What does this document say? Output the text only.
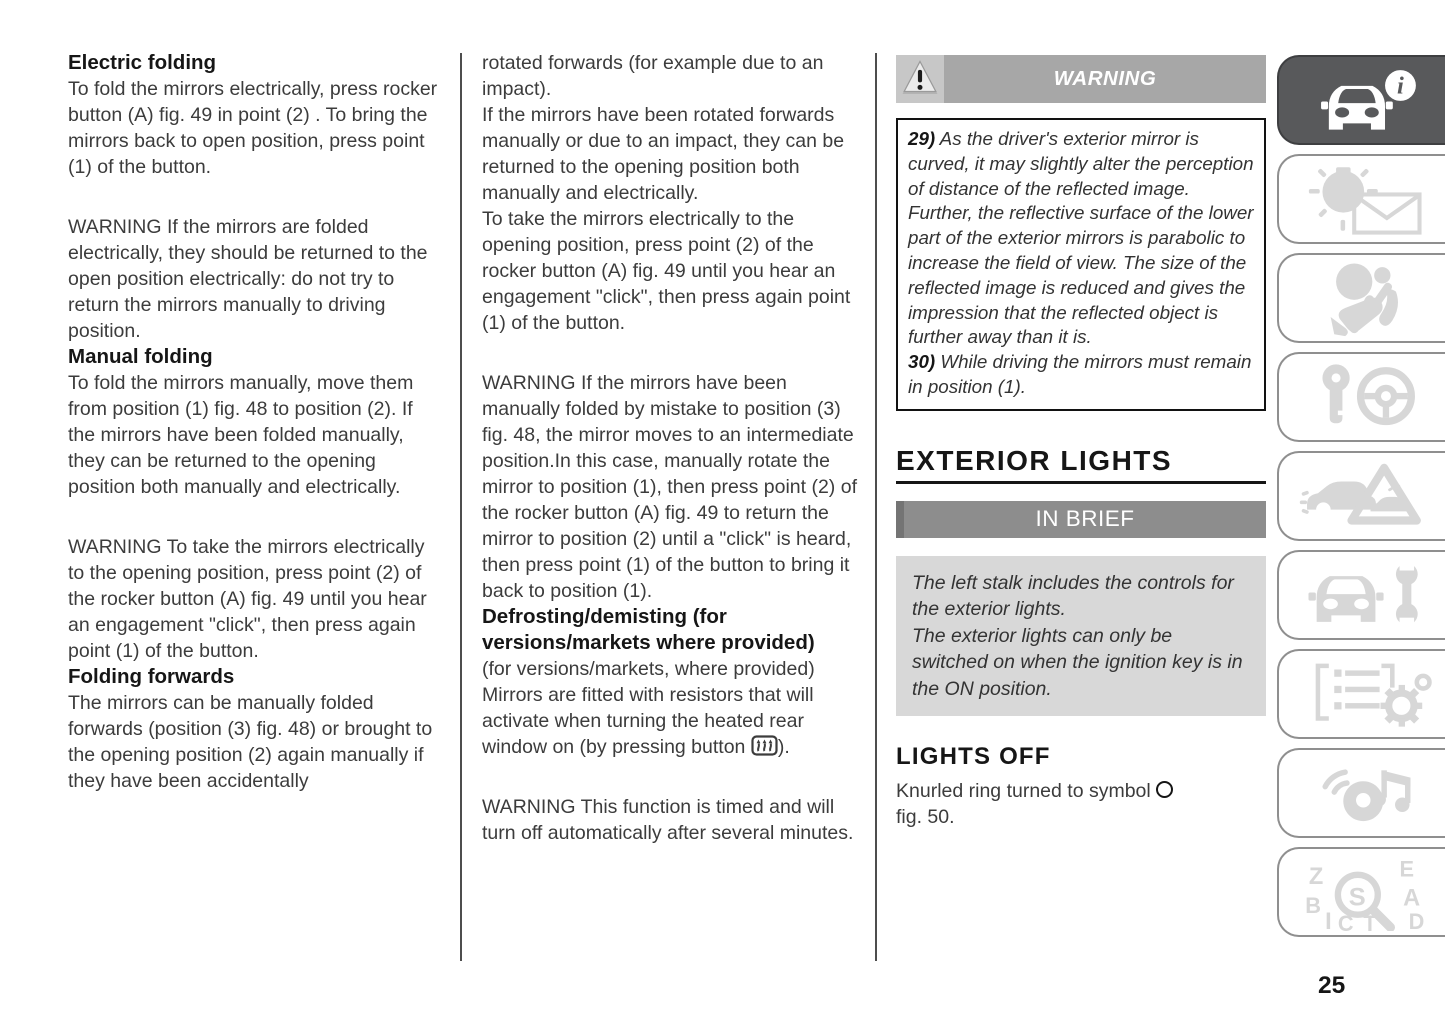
Electric folding

To fold the mirrors electrically, press rocker button (A) fig. 49 in point (2) . To bring the mirrors back to open position, press point (1) of the button.

WARNING If the mirrors are folded electrically, they should be returned to the open position electrically: do not try to return the mirrors manually to driving position.

Manual folding

To fold the mirrors manually, move them from position (1) fig. 48 to position (2). If the mirrors have been folded manually, they can be returned to the opening position both manually and electrically.

WARNING To take the mirrors electrically to the opening position, press point (2) of the rocker button (A) fig. 49 until you hear an engagement "click", then press again point (1) of the button.

Folding forwards

The mirrors can be manually folded forwards (position (3) fig. 48) or brought to the opening position (2) again manually if they have been accidentally

rotated forwards (for example due to an impact).

If the mirrors have been rotated forwards manually or due to an impact, they can be returned to the opening position both manually and electrically.

To take the mirrors electrically to the opening position, press point (2) of the rocker button (A) fig. 49 until you hear an engagement "click", then press again point (1) of the button.

WARNING If the mirrors have been manually folded by mistake to position (3) fig. 48, the mirror moves to an intermediate position.In this case, manually rotate the mirror to position (1), then press point (2) of the rocker button (A) fig. 49 to return the mirror to position (2) until a "click" is heard, then press point (1) of the button to bring it back to position (1).

Defrosting/demisting (for versions/markets where provided)

(for versions/markets, where provided) Mirrors are fitted with resistors that will activate when turning the heated rear window on (by pressing button ).

WARNING This function is timed and will turn off automatically after several minutes.

WARNING

29) As the driver's exterior mirror is curved, it may slightly alter the perception of distance of the reflected image. Further, the reflective surface of the lower part of the exterior mirrors is parabolic to increase the field of view. The size of the reflected image is reduced and gives the impression that the reflected object is further away than it is.

30) While driving the mirrors must remain in position (1).

EXTERIOR LIGHTS
IN BRIEF

The left stalk includes the controls for the exterior lights.

The exterior lights can only be switched on when the ignition key is in the ON position.

LIGHTS OFF

Knurled ring turned to symbol
fig. 50.

i
Z	E
B	A
I C D
T
S
25
